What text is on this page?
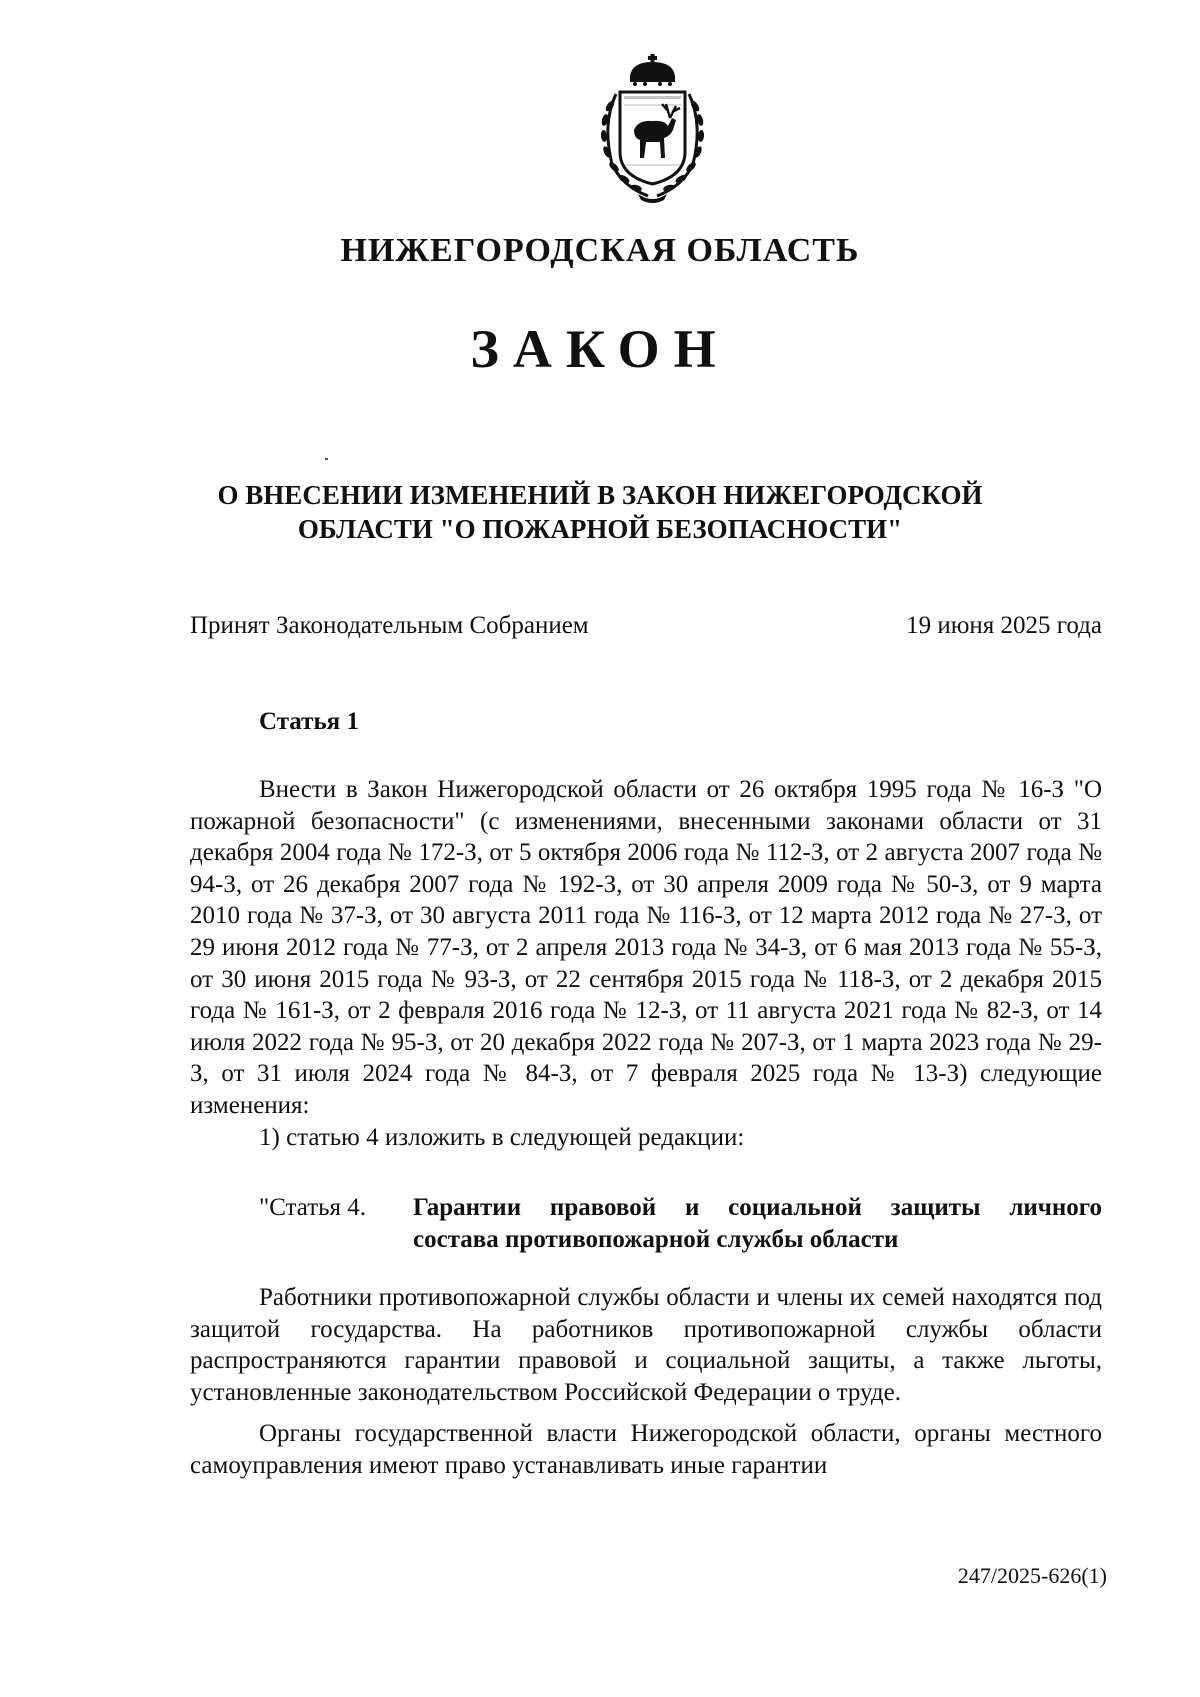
НИЖЕГОРОДСКАЯ ОБЛАСТЬ
ЗАКОН
О ВНЕСЕНИИ ИЗМЕНЕНИЙ В ЗАКОН НИЖЕГОРОДСКОЙ
ОБЛАСТИ "О ПОЖАРНОЙ БЕЗОПАСНОСТИ"
Принят Законодательным Собранием	19 июня 2025 года
Статья 1

Внести в Закон Нижегородской области от 26 октября 1995 года № 16-З "О пожарной безопасности" (с изменениями, внесенными законами области от 31 декабря 2004 года № 172-З, от 5 октября 2006 года № 112-З, от 2 августа 2007 года № 94-З, от 26 декабря 2007 года № 192-З, от 30 апреля 2009 года № 50-З, от 9 марта 2010 года № 37-З, от 30 августа 2011 года № 116-З, от 12 марта 2012 года № 27-З, от 29 июня 2012 года № 77-З, от 2 апреля 2013 года № 34-З, от 6 мая 2013 года № 55-З, от 30 июня 2015 года № 93-З, от 22 сентября 2015 года № 118-З, от 2 декабря 2015 года № 161-З, от 2 февраля 2016 года № 12-З, от 11 августа 2021 года № 82-З, от 14 июля 2022 года № 95-З, от 20 декабря 2022 года № 207-З, от 1 марта 2023 года № 29-З, от 31 июля 2024 года № 84-З, от 7 февраля 2025 года № 13-З) следующие изменения:

1) статью 4 изложить в следующей редакции:

"Статья 4. Гарантии правовой и социальной защиты личного
состава противопожарной службы области

Работники противопожарной службы области и члены их семей находятся под защитой государства. На работников противопожарной службы области распространяются гарантии правовой и социальной защиты, а также льготы, установленные законодательством Российской Федерации о труде.

Органы государственной власти Нижегородской области, органы местного самоуправления имеют право устанавливать иные гарантии

247/2025-626(1)
